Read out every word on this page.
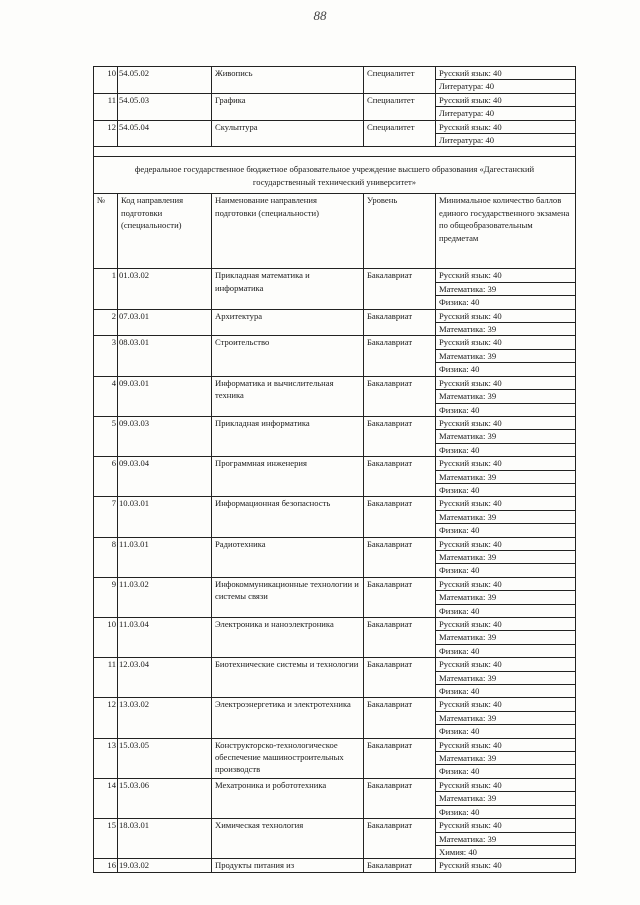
88
10	54.05.02	Живопись	Специалитет	Русский язык: 40
				Литература: 40
11	54.05.03	Графика	Специалитет	Русский язык: 40
				Литература: 40
12	54.05.04	Скульптура	Специалитет	Русский язык: 40
				Литература: 40

федеральное государственное бюджетное образовательное учреждение высшего образования «Дагестанский государственный технический университет»				
№	Код направления подготовки (специальности)	Наименование направления подготовки (специальности)	Уровень	Минимальное количество баллов единого государственного экзамена по общеобразовательным предметам
1	01.03.02	Прикладная математика и информатика	Бакалавриат	Русский язык: 40
				Математика: 39
				Физика: 40
2	07.03.01	Архитектура	Бакалавриат	Русский язык: 40
				Математика: 39
3	08.03.01	Строительство	Бакалавриат	Русский язык: 40
				Математика: 39
				Физика: 40
4	09.03.01	Информатика и вычислительная техника	Бакалавриат	Русский язык: 40
				Математика: 39
				Физика: 40
5	09.03.03	Прикладная информатика	Бакалавриат	Русский язык: 40
				Математика: 39
				Физика: 40
6	09.03.04	Программная инженерия	Бакалавриат	Русский язык: 40
				Математика: 39
				Физика: 40
7	10.03.01	Информационная безопасность	Бакалавриат	Русский язык: 40
				Математика: 39
				Физика: 40
8	11.03.01	Радиотехника	Бакалавриат	Русский язык: 40
				Математика: 39
				Физика: 40
9	11.03.02	Инфокоммуникационные технологии и системы связи	Бакалавриат	Русский язык: 40
				Математика: 39
				Физика: 40
10	11.03.04	Электроника и наноэлектроника	Бакалавриат	Русский язык: 40
				Математика: 39
				Физика: 40
11	12.03.04	Биотехнические системы и технологии	Бакалавриат	Русский язык: 40
				Математика: 39
				Физика: 40
12	13.03.02	Электроэнергетика и электротехника	Бакалавриат	Русский язык: 40
				Математика: 39
				Физика: 40
13	15.03.05	Конструкторско-технологическое обеспечение машиностроительных производств	Бакалавриат	Русский язык: 40
				Математика: 39
				Физика: 40
14	15.03.06	Мехатроника и робототехника	Бакалавриат	Русский язык: 40
				Математика: 39
				Физика: 40
15	18.03.01	Химическая технология	Бакалавриат	Русский язык: 40
				Математика: 39
				Химия: 40
16	19.03.02	Продукты питания из	Бакалавриат	Русский язык: 40
